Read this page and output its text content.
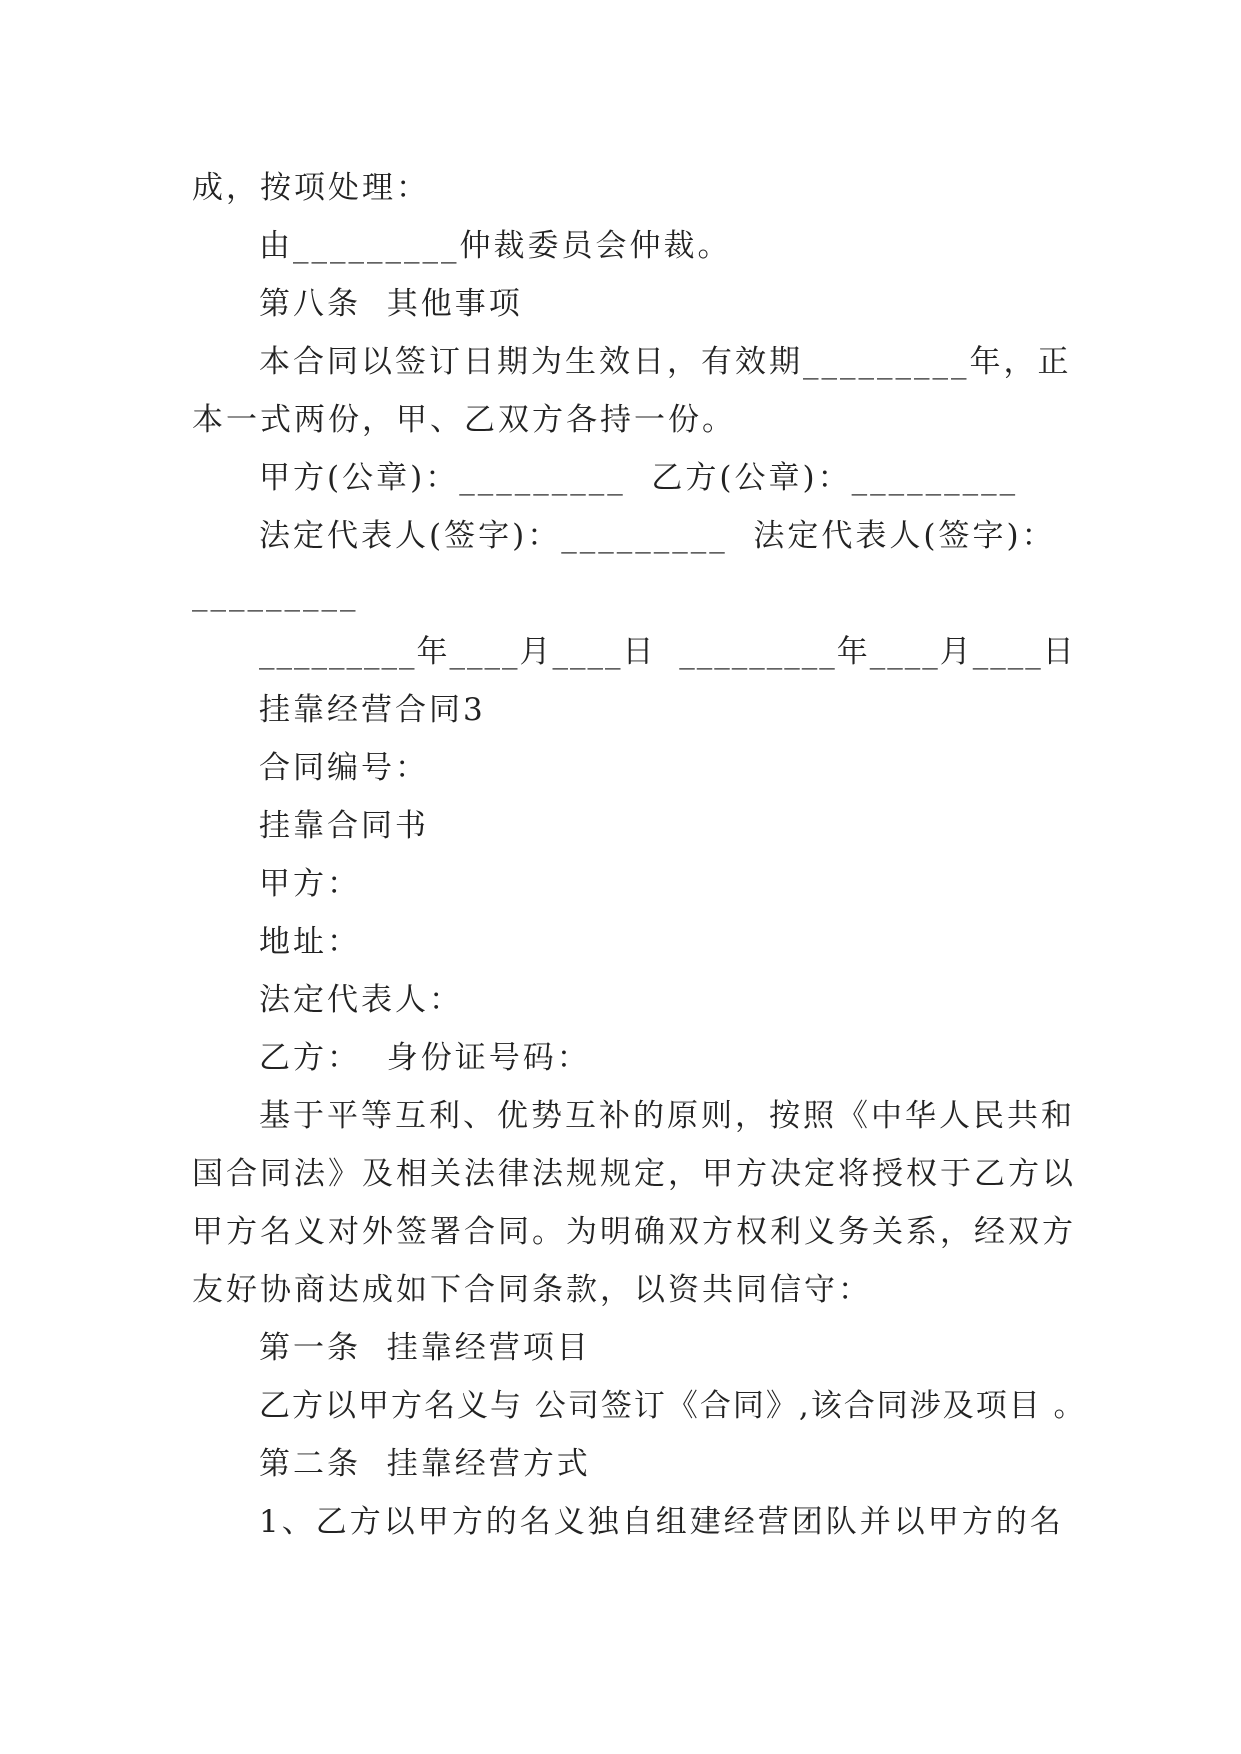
成，按项处理：
由_________仲裁委员会仲裁。
第八条  其他事项
本合同以签订日期为生效日，有效期_________年，正
本一式两份，甲、乙双方各持一份。
甲方(公章)：_________  乙方(公章)：_________
法定代表人(签字)：_________  法定代表人(签字)：
_________
_________年____月____日  _________年____月____日
挂靠经营合同3
合同编号：
挂靠合同书
甲方：
地址：
法定代表人：
乙方：  身份证号码：
基于平等互利、优势互补的原则，按照《中华人民共和
国合同法》及相关法律法规规定，甲方决定将授权于乙方以
甲方名义对外签署合同。为明确双方权利义务关系，经双方
友好协商达成如下合同条款，以资共同信守：
第一条  挂靠经营项目
乙方以甲方名义与 公司签订《合同》,该合同涉及项目 。
第二条  挂靠经营方式
1、乙方以甲方的名义独自组建经营团队并以甲方的名
